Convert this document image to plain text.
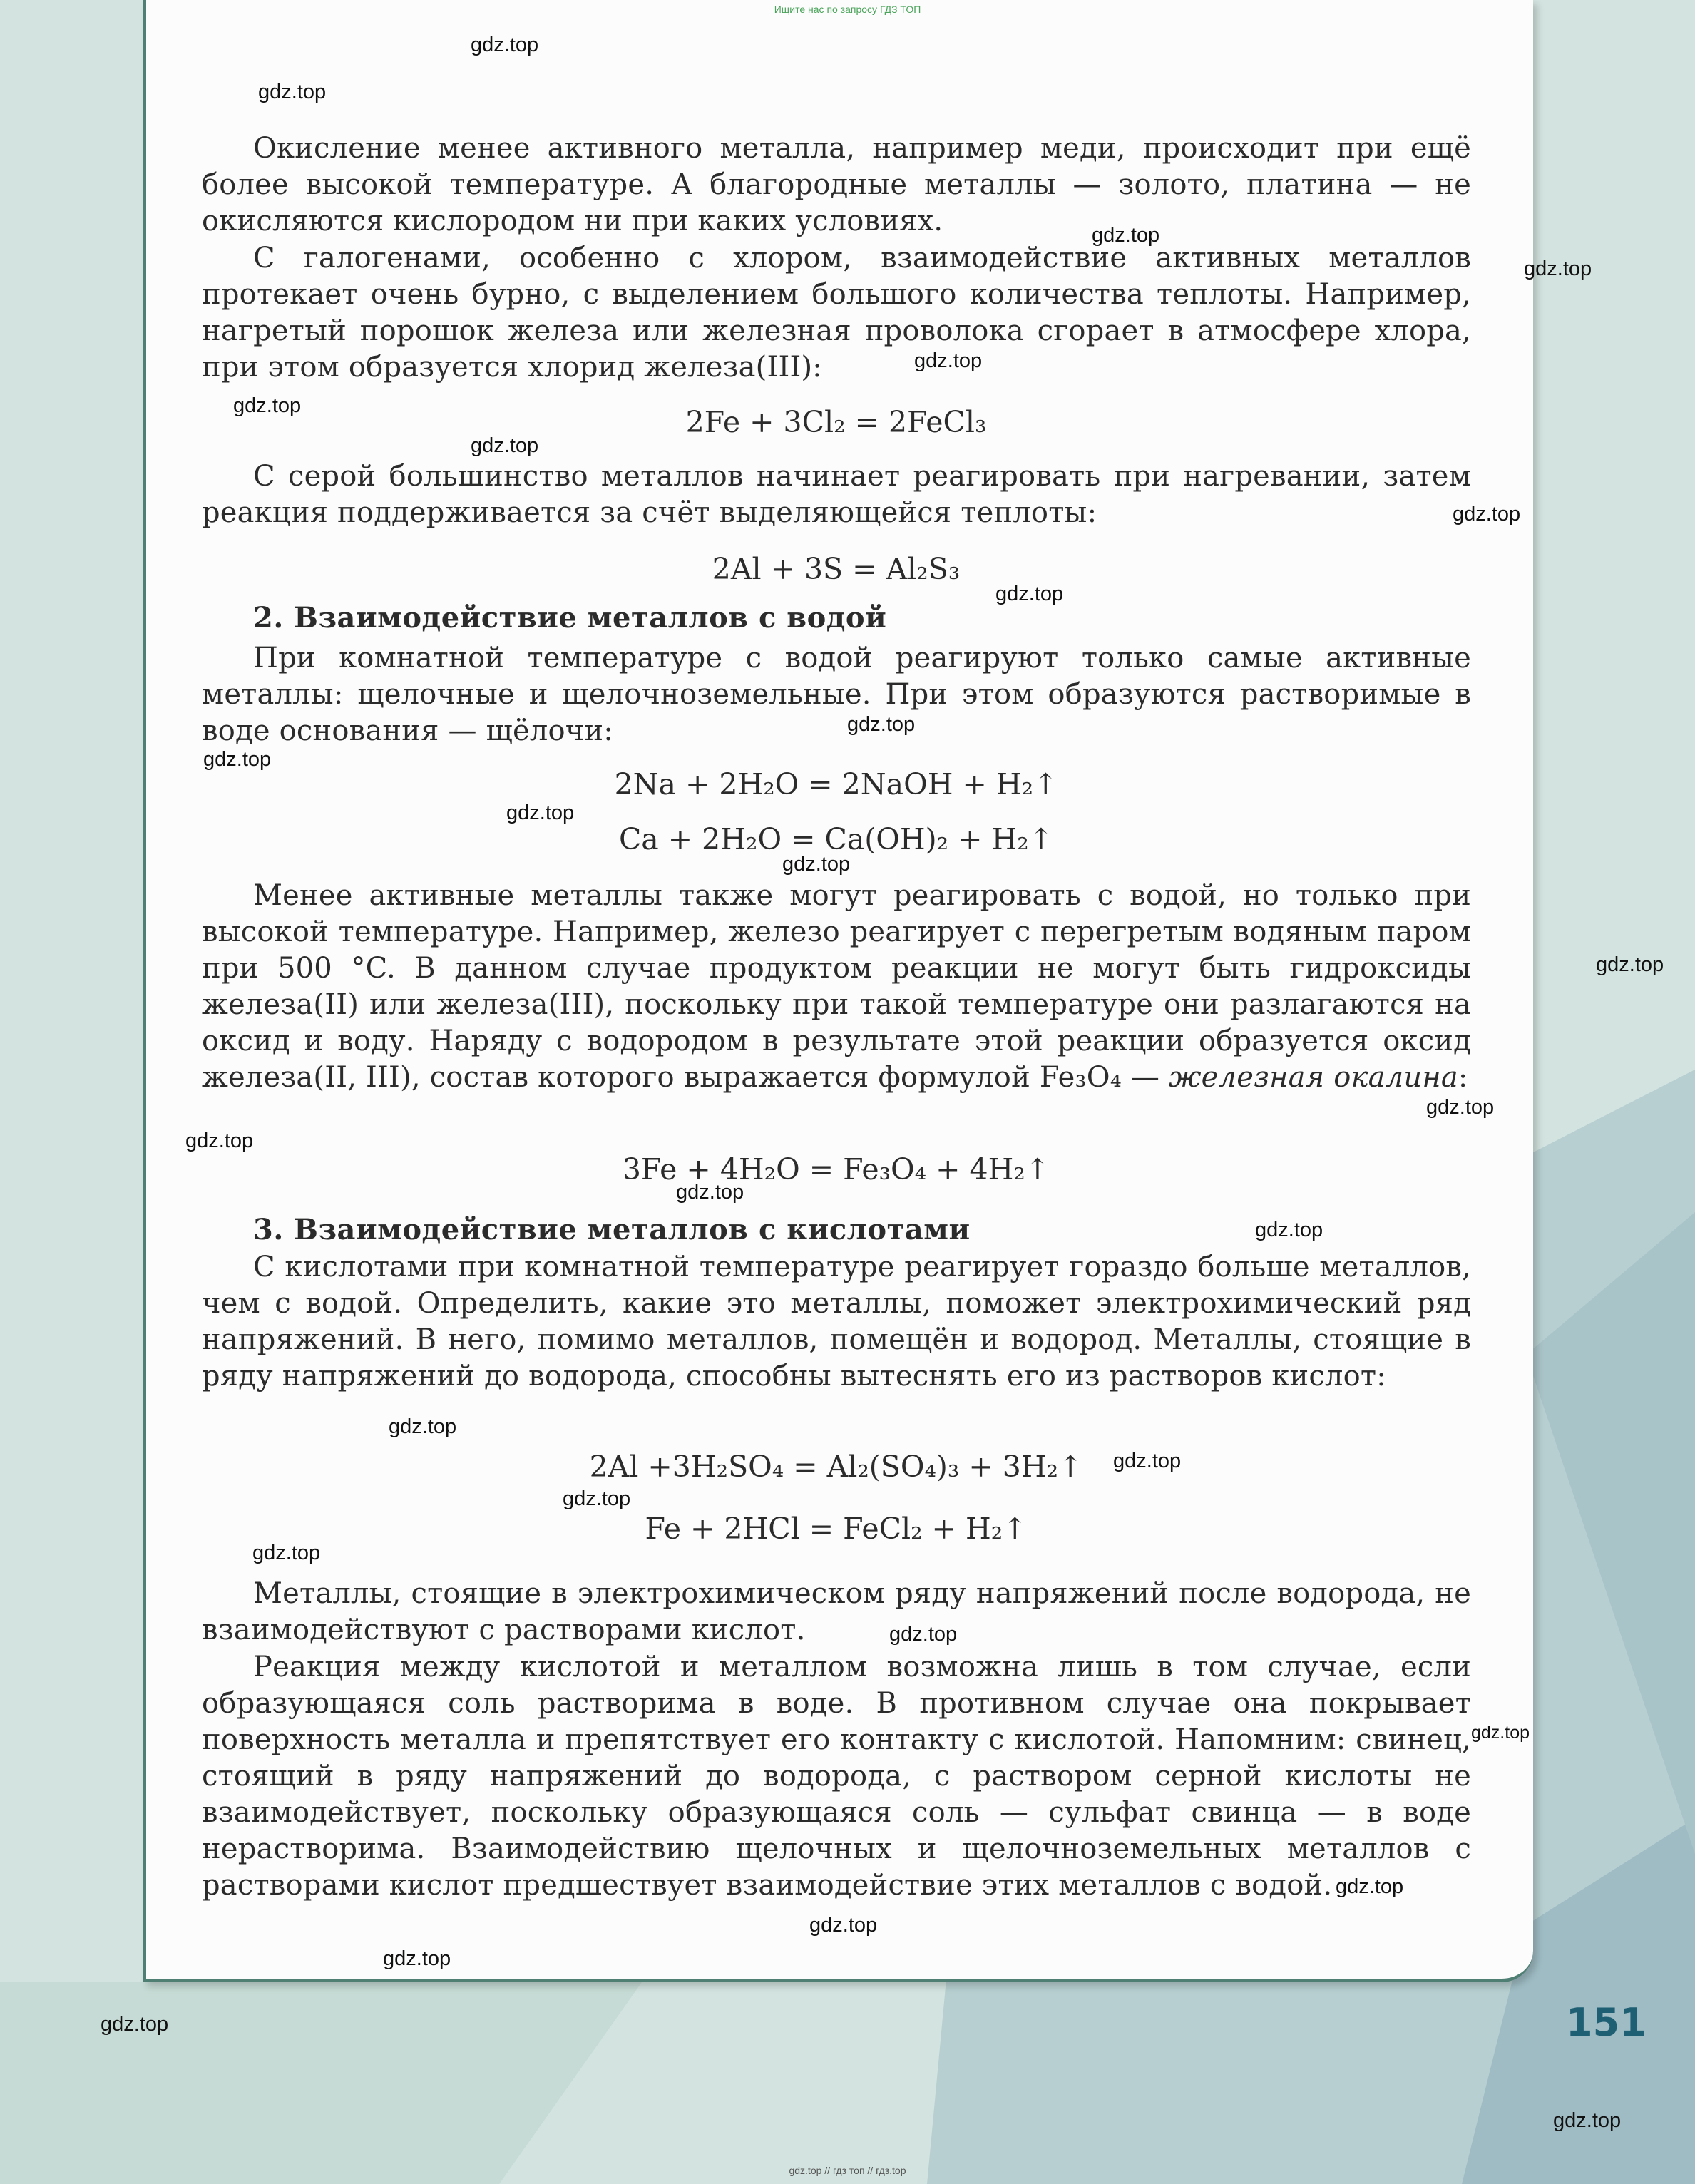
Ищите нас по запросу ГДЗ ТОП
Окисление менее активного металла, например меди, происходит при ещё более высокой температуре. А благородные металлы — золото, платина — не окисляются кислородом ни при каких условиях.
С галогенами, особенно с хлором, взаимодействие активных металлов протекает очень бурно, с выделением большого количества теплоты. Например, нагретый порошок железа или железная проволока сгорает в атмосфере хлора, при этом образуется хлорид железа(III):
2Fe + 3Cl₂ = 2FeCl₃
С серой большинство металлов начинает реагировать при нагревании, затем реакция поддерживается за счёт выделяющейся теплоты:
2Al + 3S = Al₂S₃
2. Взаимодействие металлов с водой
При комнатной температуре с водой реагируют только самые активные металлы: щелочные и щелочноземельные. При этом образуются растворимые в воде основания — щёлочи:
2Na + 2H₂O = 2NaOH + H₂↑
Ca + 2H₂O = Ca(OH)₂ + H₂↑
Менее активные металлы также могут реагировать с водой, но только при высокой температуре. Например, железо реагирует с перегретым водяным паром при 500 °C. В данном случае продуктом реакции не могут быть гидроксиды железа(II) или железа(III), поскольку при такой температуре они разлагаются на оксид и воду. Наряду с водородом в результате этой реакции образуется оксид железа(II, III), состав которого выражается формулой Fe₃O₄ — железная окалина:
3Fe + 4H₂O = Fe₃O₄ + 4H₂↑
3. Взаимодействие металлов с кислотами
С кислотами при комнатной температуре реагирует гораздо больше металлов, чем с водой. Определить, какие это металлы, поможет электрохимический ряд напряжений. В него, помимо металлов, помещён и водород. Металлы, стоящие в ряду напряжений до водорода, способны вытеснять его из растворов кислот:
2Al +3H₂SO₄ = Al₂(SO₄)₃ + 3H₂↑
Fe + 2HCl = FeCl₂ + H₂↑
Металлы, стоящие в электрохимическом ряду напряжений после водорода, не взаимодействуют с растворами кислот.
Реакция между кислотой и металлом возможна лишь в том случае, если образующаяся соль растворима в воде. В противном случае она покрывает поверхность металла и препятствует его контакту с кислотой. Напомним: свинец, стоящий в ряду напряжений до водорода, с раствором серной кислоты не взаимодействует, поскольку образующаяся соль — сульфат свинца — в воде нерастворима. Взаимодействию щелочных и щелочноземельных металлов с растворами кислот предшествует взаимодействие этих металлов с водой.
151
gdz.top
gdz.top
gdz.top
gdz.top
gdz.top
gdz.top
gdz.top
gdz.top
gdz.top
gdz.top
gdz.top
gdz.top
gdz.top
gdz.top
gdz.top
gdz.top
gdz.top
gdz.top
gdz.top
gdz.top
gdz.top
gdz.top
gdz.top
gdz.top
gdz.top
gdz.top
gdz.top
gdz.top
gdz.top
gdz.top // гдз топ // гдз.top
